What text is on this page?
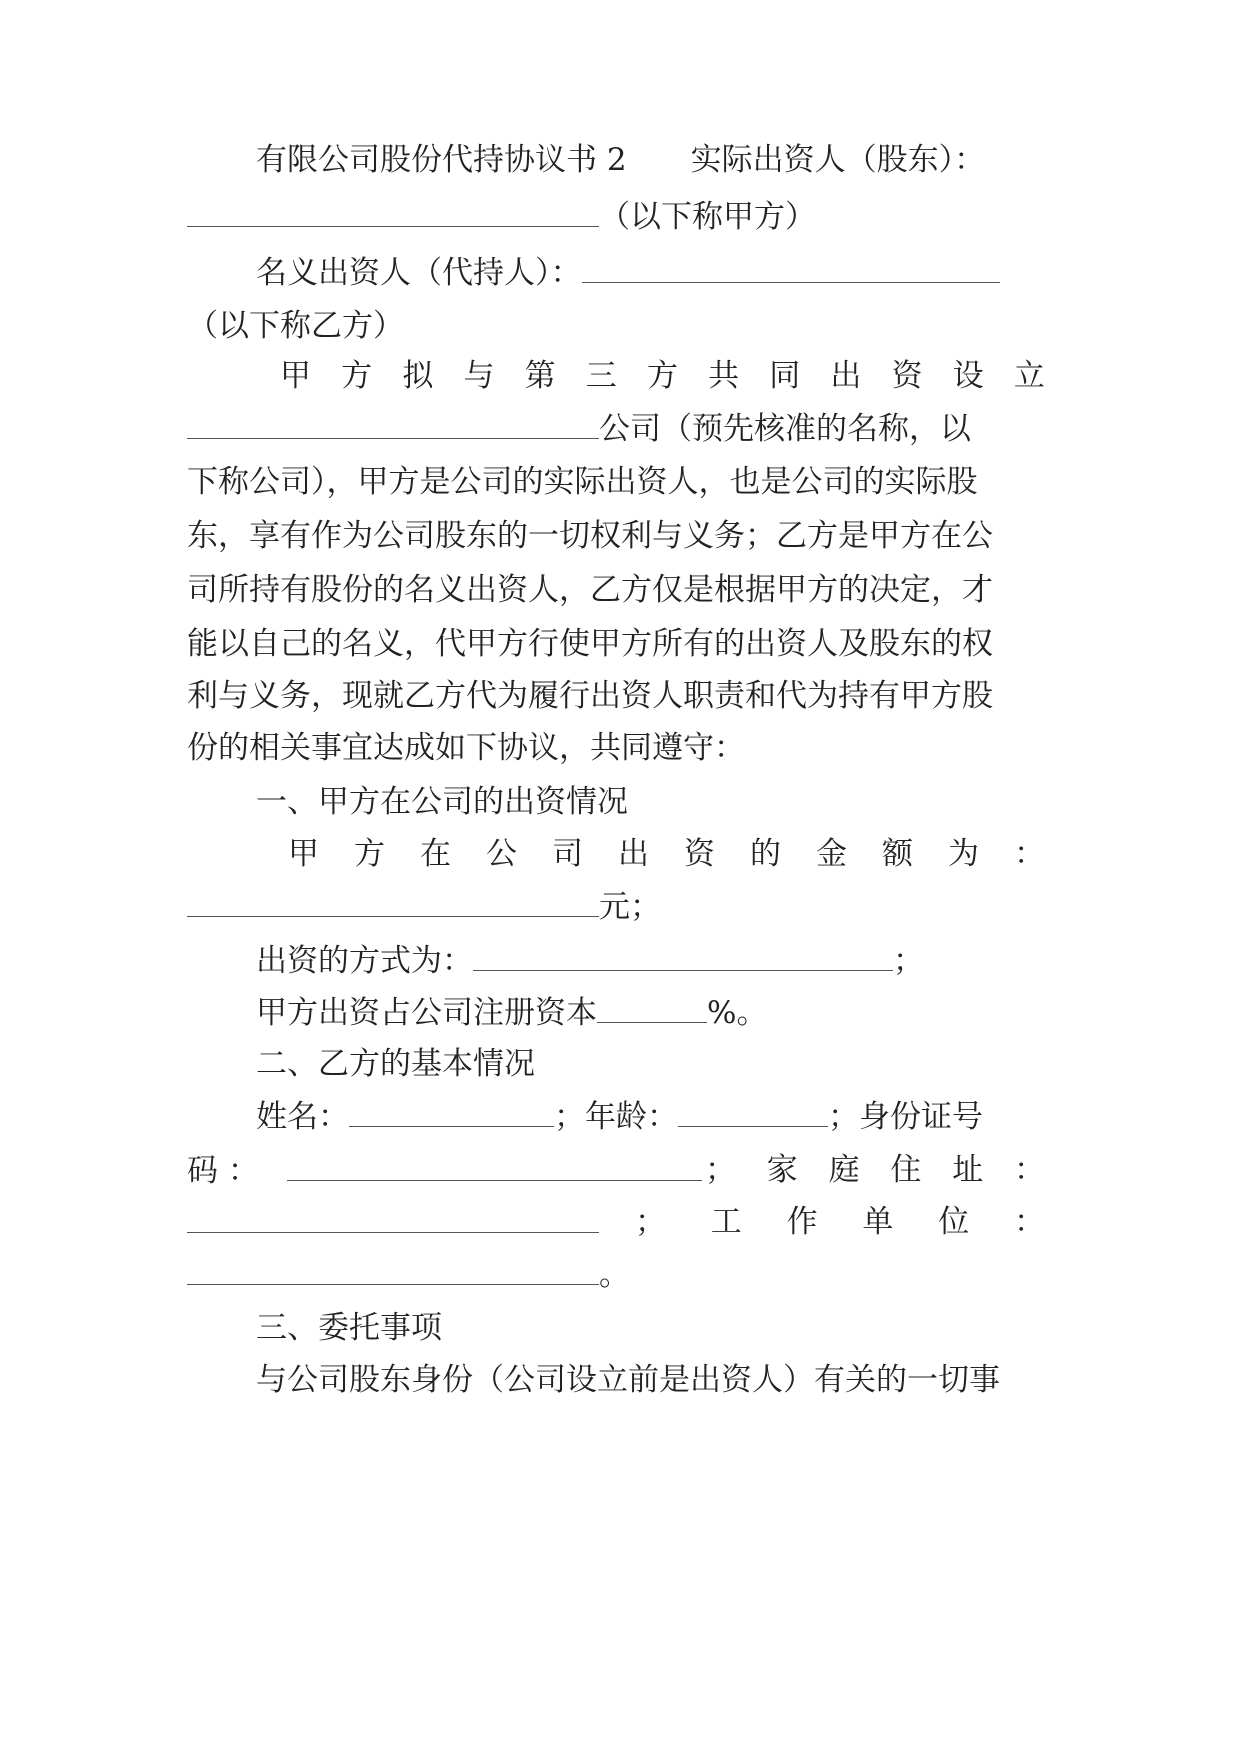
有限公司股份代持协议书 2 实际出资人（股东）：
（以下称甲方）
名义出资人（代持人）：
（以下称乙方）
甲 方 拟 与 第 三 方 共 同 出 资 设 立
公司（预先核准的名称，以
下称公司），甲方是公司的实际出资人，也是公司的实际股
东，享有作为公司股东的一切权利与义务；乙方是甲方在公
司所持有股份的名义出资人，乙方仅是根据甲方的决定，才
能以自己的名义，代甲方行使甲方所有的出资人及股东的权
利与义务，现就乙方代为履行出资人职责和代为持有甲方股
份的相关事宜达成如下协议，共同遵守：
一、甲方在公司的出资情况
甲 方 在 公 司 出 资 的 金 额 为 ：
元；
出资的方式为：	；
甲方出资占公司注册资本	%。
二、乙方的基本情况
姓名：	；年龄：	；身份证号
码 ：	； 家 庭 住 址 ：
； 工 作 单 位 ：
。
三、委托事项
与公司股东身份（公司设立前是出资人）有关的一切事
